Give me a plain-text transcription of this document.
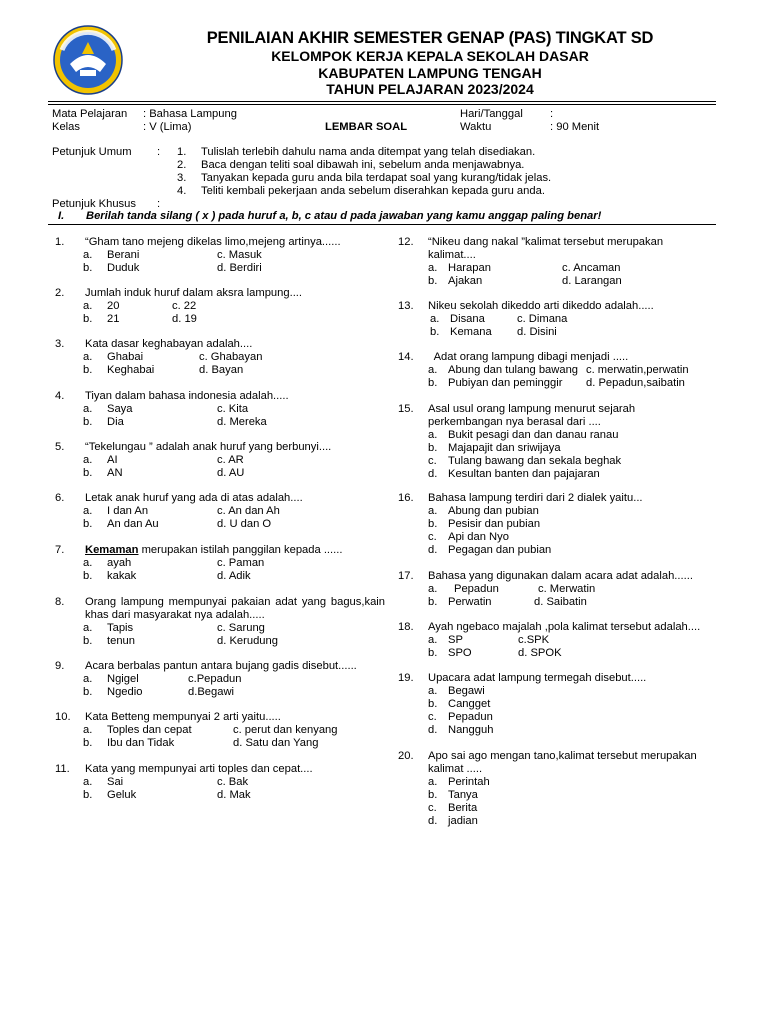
PENILAIAN AKHIR SEMESTER GENAP (PAS) TINGKAT SD
KELOMPOK KERJA KEPALA SEKOLAH DASAR
KABUPATEN LAMPUNG TENGAH
TAHUN PELAJARAN 2023/2024
Mata Pelajaran : Bahasa Lampung
Kelas	: V (Lima)	LEMBAR SOAL
Hari/Tanggal :
Waktu	: 90 Menit
Petunjuk Umum : 1. Tulislah terlebih dahulu nama anda ditempat yang telah disediakan.
2. Baca dengan teliti soal dibawah ini, sebelum anda menjawabnya.
3. Tanyakan kepada guru anda bila terdapat soal yang kurang/tidak jelas.
4. Teliti kembali pekerjaan anda sebelum diserahkan kepada guru anda.
Petunjuk Khusus :
I. Berilah tanda silang ( x ) pada huruf a, b, c atau d pada jawaban yang kamu anggap paling benar!
1. “Gham tano mejeng dikelas limo,mejeng artinya......
a. Berani	c. Masuk
b. Duduk	d. Berdiri
2. Jumlah induk huruf dalam aksra lampung....
a. 20	c. 22
b. 21	d. 19
3. Kata dasar keghabayan adalah....
a. Ghabai	c. Ghabayan
b. Keghabai	d. Bayan
4. Tiyan dalam bahasa indonesia adalah.....
a. Saya	c. Kita
b. Dia	d. Mereka
5. “Tekelungau ” adalah anak huruf yang berbunyi....
a. AI	c. AR
b. AN	d. AU
6. Letak anak huruf yang ada di atas adalah....
a. I dan An	c. An dan Ah
b. An dan Au	d. U dan O
7. Kemaman merupakan istilah panggilan kepada ......
a. ayah	c. Paman
b. kakak	d. Adik
8. Orang lampung mempunyai pakaian adat yang bagus,kain khas dari masyarakat nya adalah.....
a. Tapis	c. Sarung
b. tenun	d. Kerudung
9. Acara berbalas pantun antara bujang gadis disebut......
a. Ngigel	c.Pepadun
b. Ngedio	d.Begawi
10. Kata Betteng mempunyai 2 arti yaitu.....
a. Toples dan cepat	c. perut dan kenyang
b. Ibu dan Tidak	d. Satu dan Yang
11. Kata yang mempunyai arti toples dan cepat....
a. Sai	c. Bak
b. Geluk	d. Mak
12. “Nikeu dang nakal ”kalimat tersebut merupakan kalimat....
a. Harapan	c. Ancaman
b. Ajakan	d. Larangan
13. Nikeu sekolah dikeddo arti dikeddo adalah.....
a. Disana	c. Dimana
b. Kemana d. Disini
14. Adat orang lampung dibagi menjadi .....
a. Abung dan tulang bawang c. merwatin,perwatin
b. Pubiyan dan peminggir d. Pepadun,saibatin
15. Asal usul orang lampung menurut sejarah perkembangan nya berasal dari ....
a. Bukit pesagi dan dan danau ranau
b. Majapajit dan sriwijaya
c. Tulang bawang dan sekala beghak
d. Kesultan banten dan pajajaran
16. Bahasa lampung terdiri dari 2 dialek yaitu...
a. Abung dan pubian
b. Pesisir dan pubian
c. Api dan Nyo
d. Pegagan dan pubian
17. Bahasa yang digunakan dalam acara adat adalah......
a. Pepadun	c. Merwatin
b. Perwatin	d. Saibatin
18. Ayah ngebaco majalah ,pola kalimat tersebut adalah....
a. SP	c.SPK
b. SPO	d. SPOK
19. Upacara adat lampung termegah disebut.....
a. Begawi
b. Cangget
c. Pepadun
d. Nangguh
20. Apo sai ago mengan tano,kalimat tersebut merupakan kalimat .....
a. Perintah
b. Tanya
c. Berita
d. jadian
